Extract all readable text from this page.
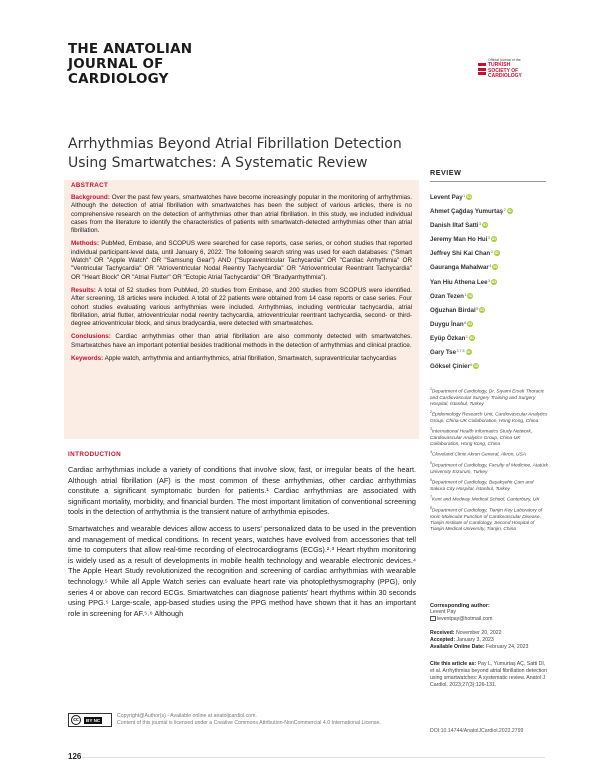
THE ANATOLIAN
JOURNAL OF
CARDIOLOGY
Official journal of the
TURKISH
SOCIETY OF
CARDIOLOGY
Arrhythmias Beyond Atrial Fibrillation Detection Using Smartwatches: A Systematic Review
ABSTRACT

Background: Over the past few years, smartwatches have become increasingly popular in the monitoring of arrhythmias. Although the detection of atrial fibrillation with smartwatches has been the subject of various articles, there is no comprehensive research on the detection of arrhythmias other than atrial fibrillation. In this study, we included individual cases from the literature to identify the characteristics of patients with smartwatch-detected arrhythmias other than atrial fibrillation.

Methods: PubMed, Embase, and SCOPUS were searched for case reports, case series, or cohort studies that reported individual participant-level data, until January 6, 2022. The following search string was used for each databases: ("Smart Watch" OR "Apple Watch" OR "Samsung Gear") AND ("Supraventricular Tachycardia" OR "Cardiac Arrhythmia" OR "Ventricular Tachycardia" OR "Atrioventricular Nodal Reentry Tachycardia" OR "Atrioventricular Reentrant Tachycardia" OR "Heart Block" OR "Atrial Flutter" OR "Ectopic Atrial Tachycardia" OR "Bradyarrhythmia").

Results: A total of 52 studies from PubMed, 20 studies from Embase, and 200 studies from SCOPUS were identified. After screening, 18 articles were included. A total of 22 patients were obtained from 14 case reports or case series. Four cohort studies evaluating various arrhythmias were included. Arrhythmias, including ventricular tachycardia, atrial fibrillation, atrial flutter, atrioventricular nodal reentry tachycardia, atrioventricular reentrant tachycardia, second- or third-degree atrioventricular block, and sinus bradycardia, were detected with smartwatches.

Conclusions: Cardiac arrhythmias other than atrial fibrillation are also commonly detected with smartwatches. Smartwatches have an important potential besides traditional methods in the detection of arrhythmias and clinical practice.

Keywords: Apple watch, arrhythmia and antiarrhythmics, atrial fibrillation, Smartwatch, supraventricular tachycardias

INTRODUCTION

Cardiac arrhythmias include a variety of conditions that involve slow, fast, or irregular beats of the heart. Although atrial fibrillation (AF) is the most common of these arrhythmias, other cardiac arrhythmias constitute a significant symptomatic burden for patients.¹ Cardiac arrhythmias are associated with significant mortality, morbidity, and financial burden. The most important limitation of conventional screening tools in the detection of arrhythmia is the transient nature of arrhythmia episodes.

Smartwatches and wearable devices allow access to users' personalized data to be used in the prevention and management of medical conditions. In recent years, watches have evolved from accessories that tell time to computers that allow real-time recording of electrocardiograms (ECGs).²˒³ Heart rhythm monitoring is widely used as a result of developments in mobile health technology and wearable electronic devices.⁴ The Apple Heart Study revolutionized the recognition and screening of cardiac arrhythmias with wearable technology.⁵ While all Apple Watch series can evaluate heart rate via photoplethysmography (PPG), only series 4 or above can record ECGs. Smartwatches can diagnose patients' heart rhythms within 30 seconds using PPG.⁵ Large-scale, app-based studies using the PPG method have shown that it has an important role in screening for AF.⁵˒⁶ Although

cc	BY NC
Copyright@Author(s) - Available online at anatoljcardiol.com.
Content of this journal is licensed under a Creative Commons Attribution-NonCommercial 4.0 International License.
126
REVIEW
Levent Pay$^1$ iD
Ahmet Çağdaş Yumurtaş$^2$ iD
Danish Iltaf Satti$^3$ iD
Jeremy Man Ho Hui$^3$ iD
Jeffrey Shi Kai Chan$^3$ iD
Gauranga Mahalwar$^4$ iD
Yan Hiu Athena Lee$^3$ iD
Ozan Tezen$^1$ iD
Oğuzhan Birdal$^5$ iD
Duygu İnan$^6$ iD
Eyüp Özkan$^1$ iD
Gary Tse$^{3,7,8}$ iD
Göksel Çinier$^6$ iD
$^1$Department of Cardiology, Dr. Siyami Ersek Thoracic and Cardiovascular Surgery Training and Surgery Hospital, İstanbul, Turkey
$^2$Epidemiology Research Unit, Cardiovascular Analytics Group, China-UK Collaboration, Hong Kong, China
$^3$International Health Informatics Study Network, Cardiovascular Analytics Group, China-UK Collaboration, Hong Kong, China
$^4$Cleveland Clinic Akron General, Akron, USA
$^5$Department of Cardiology, Faculty of Medicine, Atatürk University Erzurum, Turkey
$^6$Department of Cardiology, Başakşehir Çam and Sakura City Hospital, İstanbul, Turkey
$^7$Kent and Medway Medical School, Canterbury, UK
$^8$Department of Cardiology, Tianjin Key Laboratory of Ionic-Molecular Function of Cardiovascular Disease, Tianjin Institute of Cardiology, Second Hospital of Tianjin Medical University, Tianjin, China
Corresponding author:
Levent Pay
leventpay@hotmail.com
Received: November 20, 2022
Accepted: January 3, 2023
Available Online Date: February 24, 2023
Cite this article as: Pay L, Yumurtaş AÇ, Satti DI, et al. Arrhythmias beyond atrial fibrillation detection using smartwatches: A systematic review. Anatol J Cardiol. 2023;27(3):126-131.
DOI:10.14744/AnatolJCardiol.2022.2799
